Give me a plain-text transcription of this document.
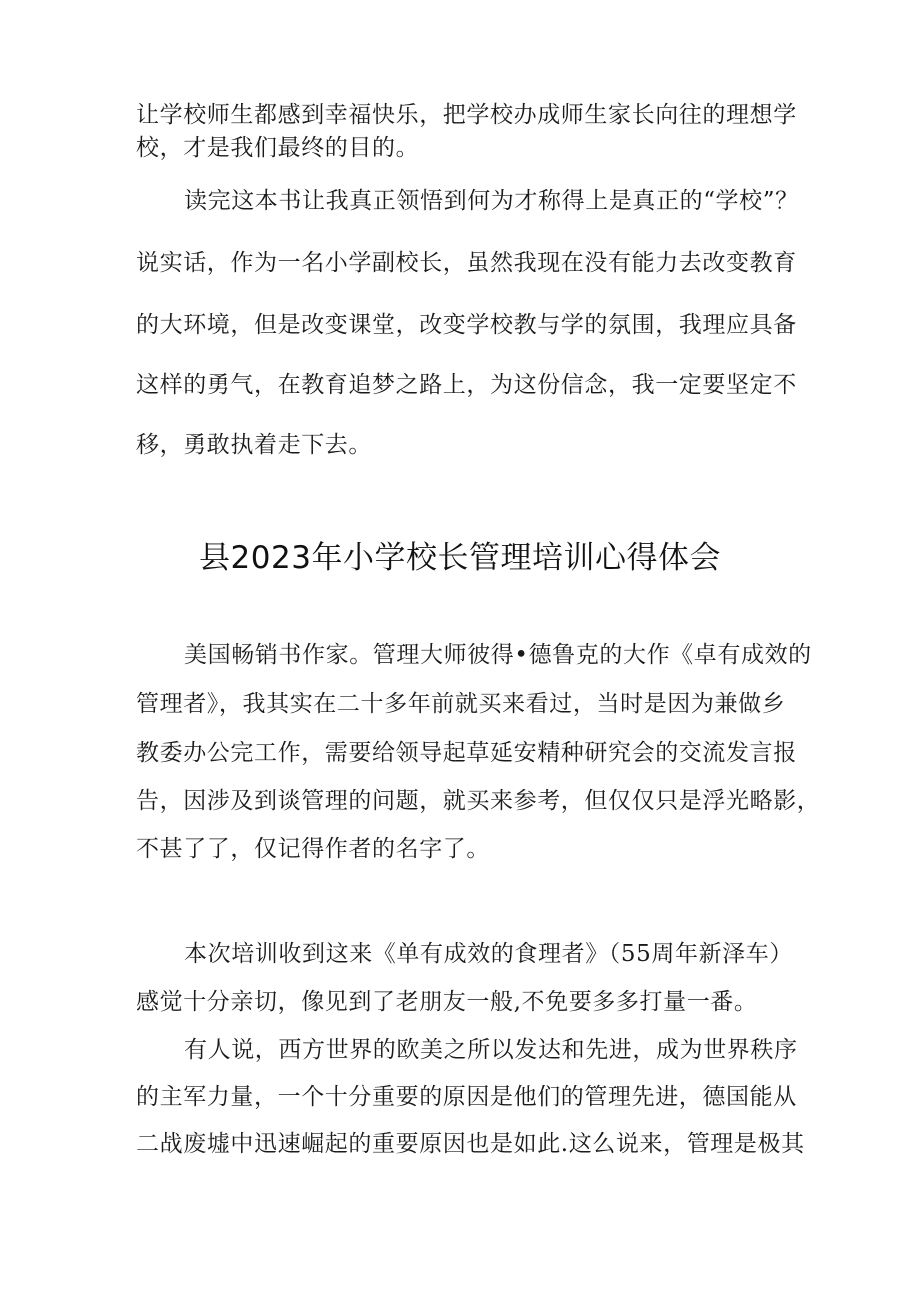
让学校师生都感到幸福快乐，把学校办成师生家长向往的理想学
校，才是我们最终的目的。
读完这本书让我真正领悟到何为才称得上是真正的“学校”？
说实话，作为一名小学副校长，虽然我现在没有能力去改变教育
的大环境，但是改变课堂，改变学校教与学的氛围，我理应具备
这样的勇气，在教育追梦之路上，为这份信念，我一定要坚定不
移，勇敢执着走下去。
县2023年小学校长管理培训心得体会
美国畅销书作家。管理大师彼得•德鲁克的大作《卓有成效的
管理者》，我其实在二十多年前就买来看过，当时是因为兼做乡
教委办公完工作，需要给领导起草延安精种研究会的交流发言报
告，因涉及到谈管理的问题，就买来参考，但仅仅只是浮光略影，
不甚了了，仅记得作者的名字了。
本次培训收到这来《单有成效的食理者》（55周年新泽车）
感觉十分亲切，像见到了老朋友一般,不免要多多打量一番。
有人说，西方世界的欧美之所以发达和先进，成为世界秩序
的主军力量，一个十分重要的原因是他们的管理先进，德国能从
二战废墟中迅速崛起的重要原因也是如此.这么说来，管理是极其
